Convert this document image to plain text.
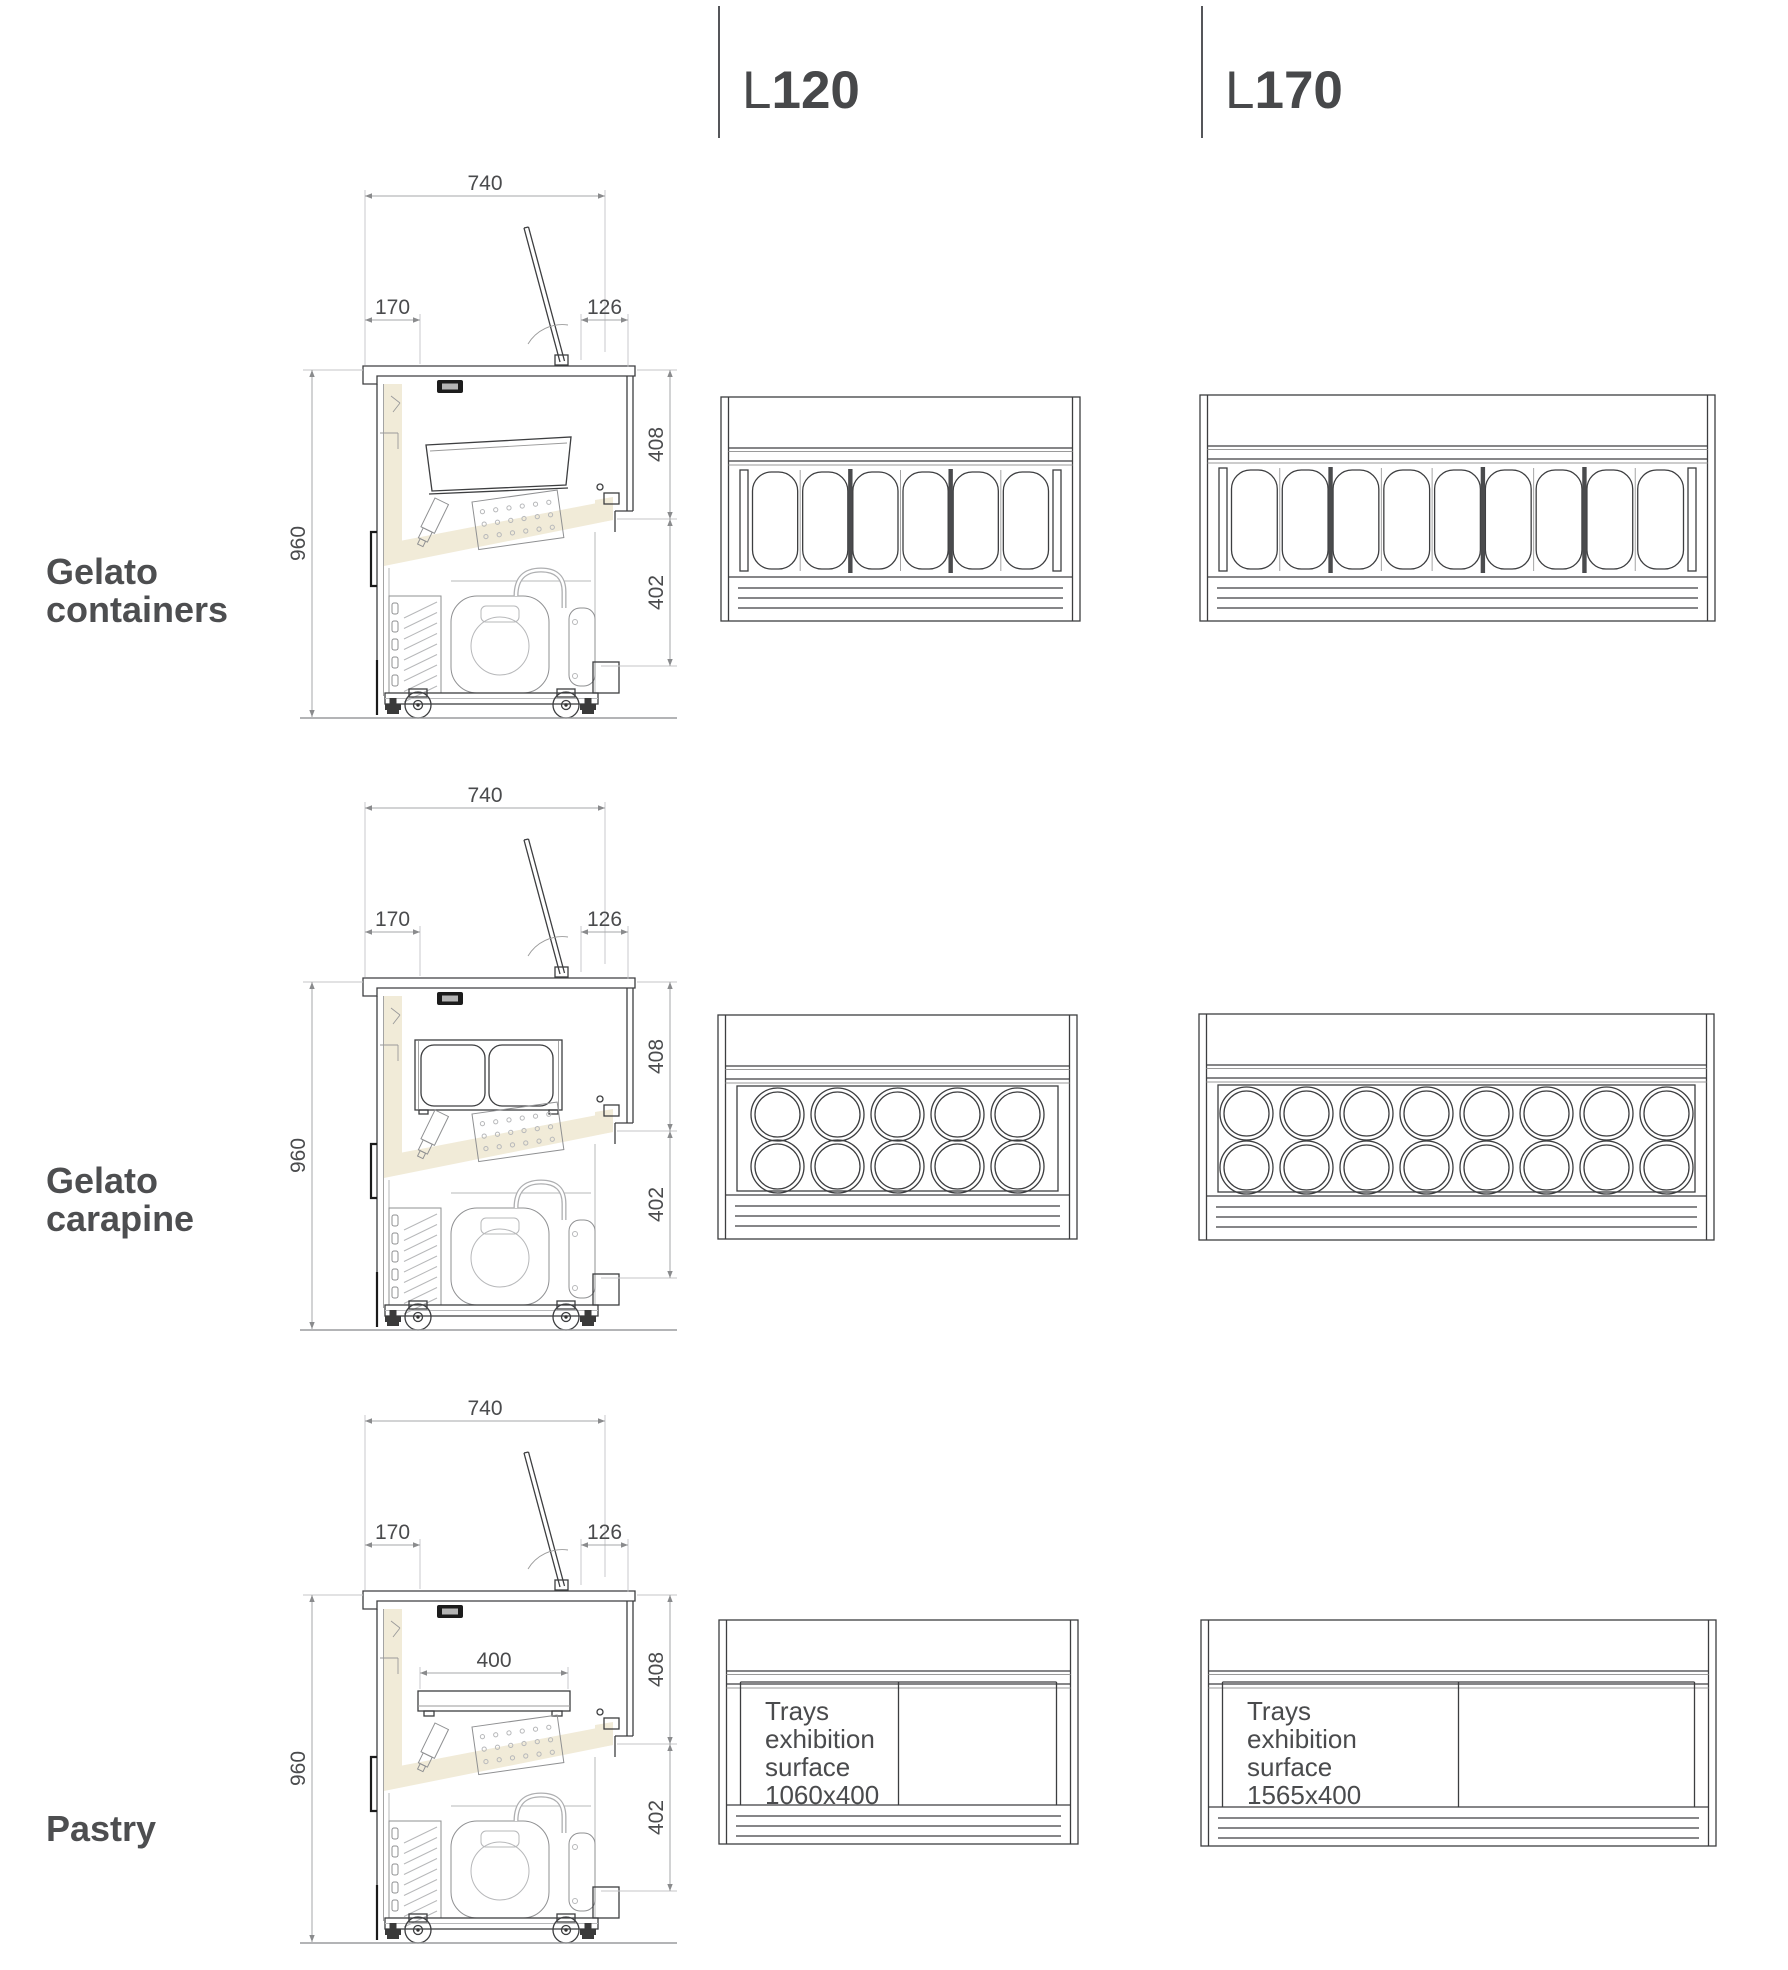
L120	L170
Gelato containers
Gelato carapine
Pastry
740
170	126
960
408
402
740
170	126
960
408
402
400
740
170	126
960
408
402
Trays exhibition surface 1060x400
Trays exhibition surface 1565x400
